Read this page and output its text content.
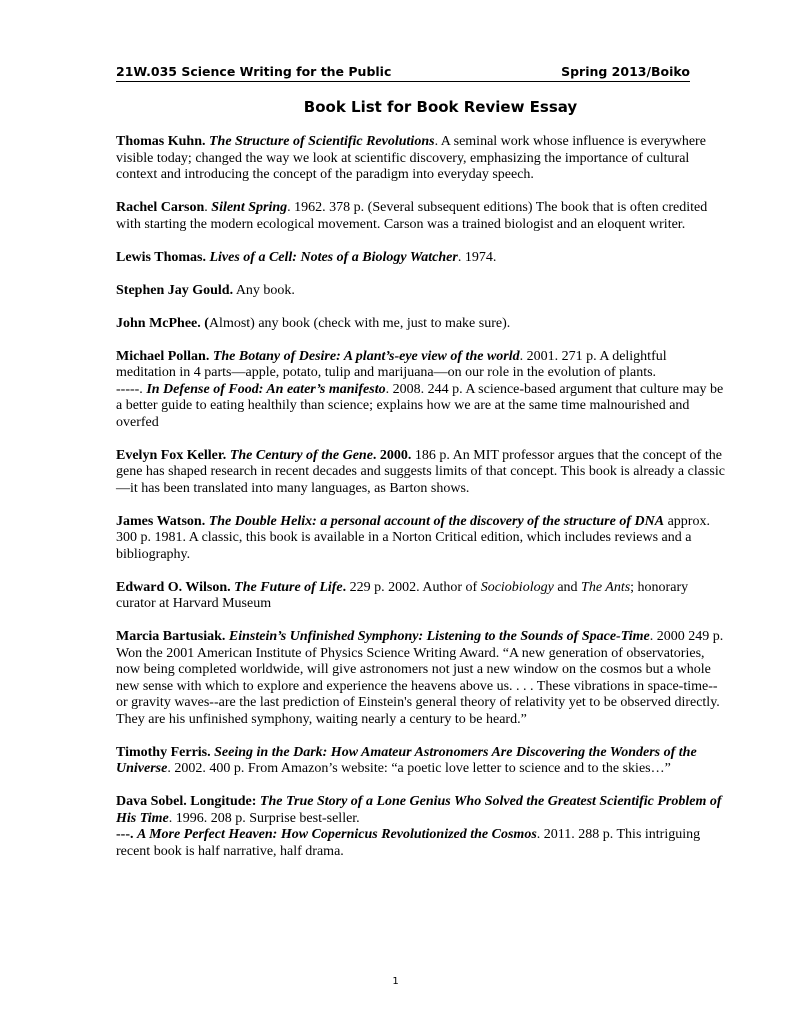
21W.035 Science Writing for the Public	Spring 2013/Boiko
Book List for Book Review Essay
Thomas Kuhn. The Structure of Scientific Revolutions. A seminal work whose influence is everywhere visible today; changed the way we look at scientific discovery, emphasizing the importance of cultural context and introducing the concept of the paradigm into everyday speech.
Rachel Carson. Silent Spring. 1962. 378 p. (Several subsequent editions) The book that is often credited with starting the modern ecological movement. Carson was a trained biologist and an eloquent writer.
Lewis Thomas. Lives of a Cell: Notes of a Biology Watcher. 1974.
Stephen Jay Gould. Any book.
John McPhee. (Almost) any book (check with me, just to make sure).
Michael Pollan. The Botany of Desire: A plant’s-eye view of the world. 2001. 271 p. A delightful meditation in 4 parts—apple, potato, tulip and marijuana—on our role in the evolution of plants.
-----. In Defense of Food: An eater’s manifesto. 2008. 244 p. A science-based argument that culture may be a better guide to eating healthily than science; explains how we are at the same time malnourished and overfed
Evelyn Fox Keller. The Century of the Gene. 2000. 186 p. An MIT professor argues that the concept of the gene has shaped research in recent decades and suggests limits of that concept. This book is already a classic—it has been translated into many languages, as Barton shows.
James Watson. The Double Helix: a personal account of the discovery of the structure of DNA approx. 300 p. 1981. A classic, this book is available in a Norton Critical edition, which includes reviews and a bibliography.
Edward O. Wilson. The Future of Life. 229 p. 2002. Author of Sociobiology and The Ants; honorary curator at Harvard Museum
Marcia Bartusiak. Einstein’s Unfinished Symphony: Listening to the Sounds of Space-Time. 2000 249 p. Won the 2001 American Institute of Physics Science Writing Award. “A new generation of observatories, now being completed worldwide, will give astronomers not just a new window on the cosmos but a whole new sense with which to explore and experience the heavens above us. . . . These vibrations in space-time--or gravity waves--are the last prediction of Einstein's general theory of relativity yet to be observed directly. They are his unfinished symphony, waiting nearly a century to be heard.”
Timothy Ferris. Seeing in the Dark: How Amateur Astronomers Are Discovering the Wonders of the Universe. 2002. 400 p. From Amazon’s website: “a poetic love letter to science and to the skies…”
Dava Sobel. Longitude: The True Story of a Lone Genius Who Solved the Greatest Scientific Problem of His Time. 1996. 208 p. Surprise best-seller.
---. A More Perfect Heaven: How Copernicus Revolutionized the Cosmos. 2011. 288 p. This intriguing recent book is half narrative, half drama.
1
